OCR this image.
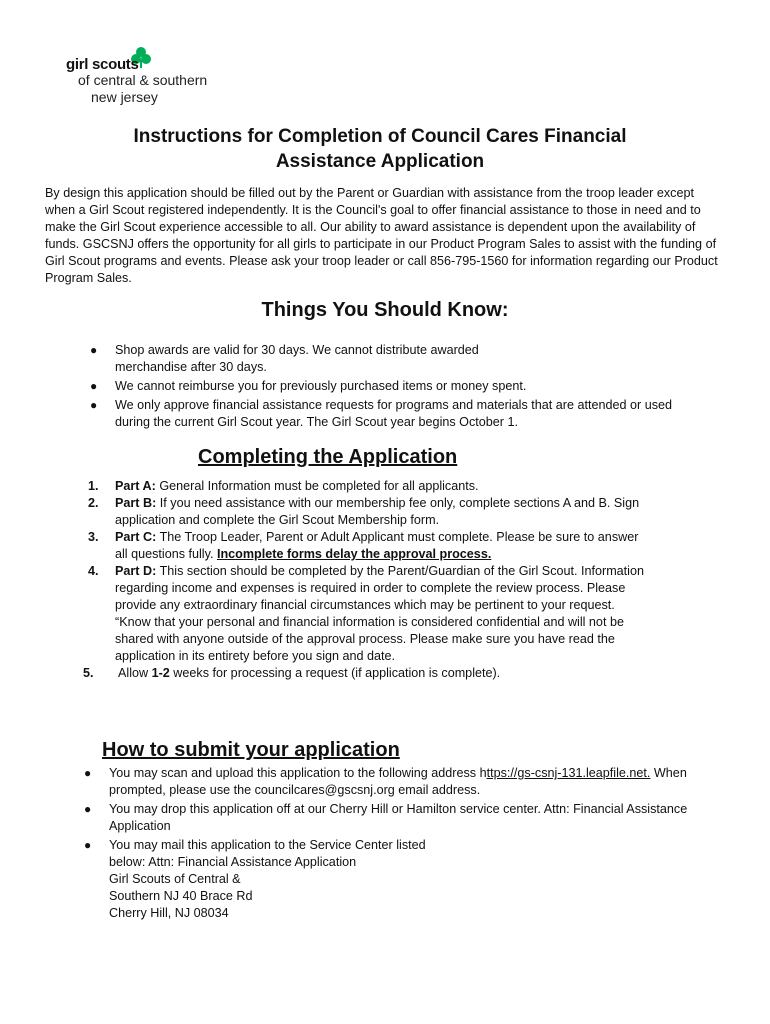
girl scouts
of central & southern
new jersey
Instructions for Completion of Council Cares Financial
Assistance Application

By design this application should be filled out by the Parent or Guardian with assistance from the troop leader except when a Girl Scout registered independently. It is the Council's goal to offer financial assistance to those in need and to make the Girl Scout experience accessible to all. Our ability to award assistance is dependent upon the availability of funds. GSCSNJ offers the opportunity for all girls to participate in our Product Program Sales to assist with the funding of Girl Scout programs and events. Please ask your troop leader or call 856-795-1560 for information regarding our Product Program Sales.

Things You Should Know:
● Shop awards are valid for 30 days. We cannot distribute awarded merchandise after 30 days.
● We cannot reimburse you for previously purchased items or money spent.
● We only approve financial assistance requests for programs and materials that are attended or used during the current Girl Scout year. The Girl Scout year begins October 1.
Completing the Application
1. Part A: General Information must be completed for all applicants.
2. Part B: If you need assistance with our membership fee only, complete sections A and B. Sign application and complete the Girl Scout Membership form.
3. Part C: The Troop Leader, Parent or Adult Applicant must complete. Please be sure to answer all questions fully. Incomplete forms delay the approval process.
4. Part D: This section should be completed by the Parent/Guardian of the Girl Scout. Information regarding income and expenses is required in order to complete the review process. Please provide any extraordinary financial circumstances which may be pertinent to your request. “Know that your personal and financial information is considered confidential and will not be shared with anyone outside of the approval process. Please make sure you have read the application in its entirety before you sign and date.
5. Allow 1-2 weeks for processing a request (if application is complete).
How to submit your application
● You may scan and upload this application to the following address https://gs-csnj-131.leapfile.net. When prompted, please use the councilcares@gscsnj.org email address.
● You may drop this application off at our Cherry Hill or Hamilton service center. Attn: Financial Assistance Application
● You may mail this application to the Service Center listed
below: Attn: Financial Assistance Application
Girl Scouts of Central &
Southern NJ 40 Brace Rd
Cherry Hill, NJ 08034
